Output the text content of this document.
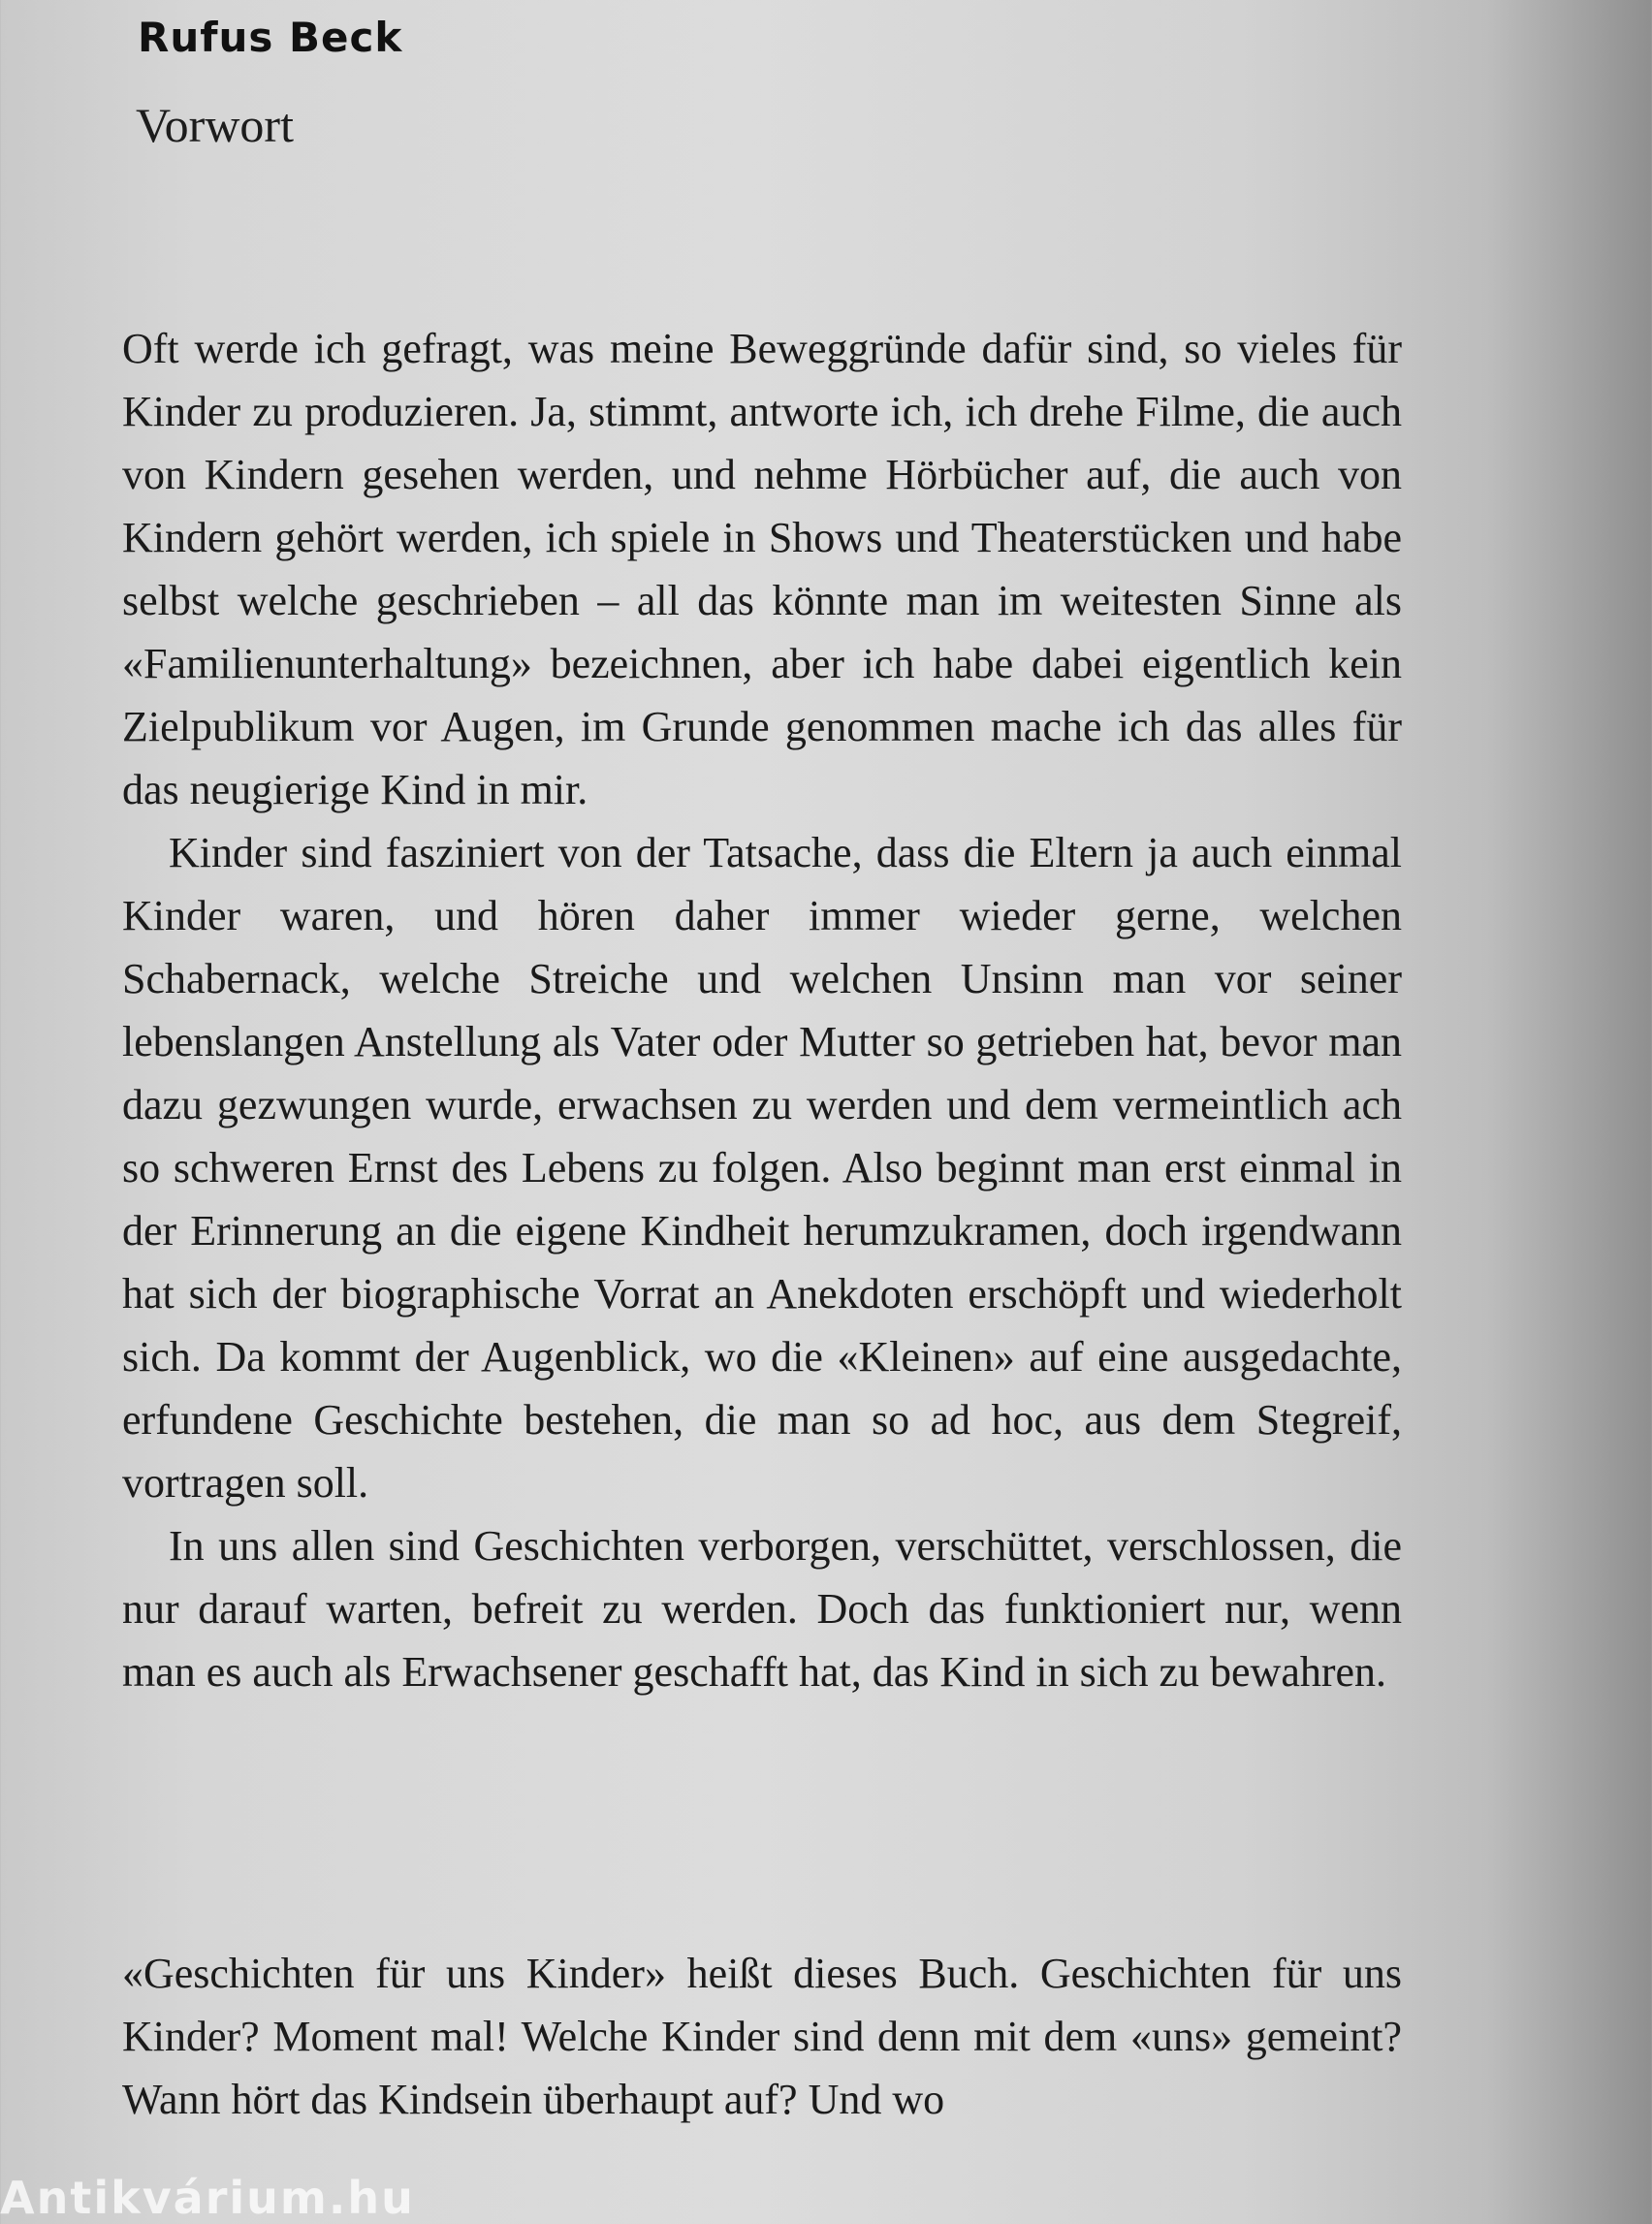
Rufus Beck
Vorwort

Oft werde ich gefragt, was meine Beweggründe dafür sind, so vieles für Kinder zu produzieren. Ja, stimmt, antworte ich, ich drehe Filme, die auch von Kindern gesehen werden, und nehme Hörbücher auf, die auch von Kindern gehört werden, ich spiele in Shows und Theaterstücken und habe selbst welche geschrieben – all das könnte man im weitesten Sinne als «Familienunterhaltung» bezeichnen, aber ich habe dabei eigentlich kein Zielpublikum vor Augen, im Grunde genommen mache ich das alles für das neugierige Kind in mir.

Kinder sind fasziniert von der Tatsache, dass die Eltern ja auch einmal Kinder waren, und hören daher immer wieder gerne, welchen Schabernack, welche Streiche und welchen Unsinn man vor seiner lebenslangen Anstellung als Vater oder Mutter so getrieben hat, bevor man dazu gezwungen wurde, erwachsen zu werden und dem vermeintlich ach so schweren Ernst des Lebens zu folgen. Also beginnt man erst einmal in der Erinnerung an die eigene Kindheit herumzukramen, doch irgendwann hat sich der biographische Vorrat an Anekdoten erschöpft und wiederholt sich. Da kommt der Augenblick, wo die «Kleinen» auf eine ausgedachte, erfundene Geschichte bestehen, die man so ad hoc, aus dem Stegreif, vortragen soll.

In uns allen sind Geschichten verborgen, verschüttet, verschlossen, die nur darauf warten, befreit zu werden. Doch das funktioniert nur, wenn man es auch als Erwachsener geschafft hat, das Kind in sich zu bewahren.

«Geschichten für uns Kinder» heißt dieses Buch. Geschichten für uns Kinder? Moment mal! Welche Kinder sind denn mit dem «uns» gemeint? Wann hört das Kindsein überhaupt auf? Und wo

Antikvárium.hu
